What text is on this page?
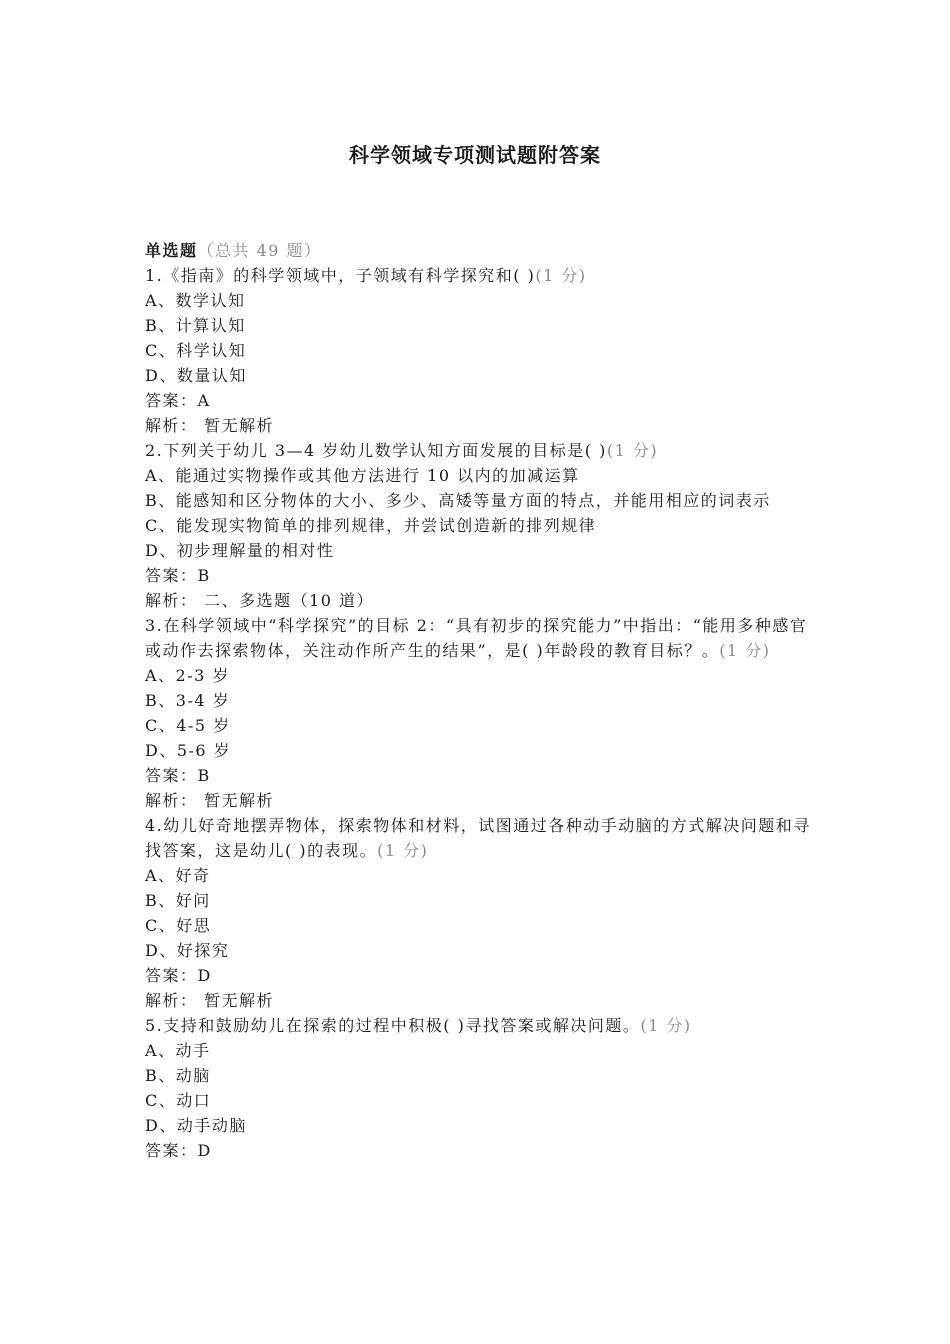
科学领域专项测试题附答案
单选题（总共 49 题）
1.《指南》的科学领域中，子领域有科学探究和( )(1 分)
A、数学认知
B、计算认知
C、科学认知
D、数量认知
答案：A
解析： 暂无解析
2.下列关于幼儿 3—4 岁幼儿数学认知方面发展的目标是( )(1 分)
A、能通过实物操作或其他方法进行 10 以内的加减运算
B、能感知和区分物体的大小、多少、高矮等量方面的特点，并能用相应的词表示
C、能发现实物简单的排列规律，并尝试创造新的排列规律
D、初步理解量的相对性
答案：B
解析： 二、多选题（10 道）
3.在科学领域中“科学探究”的目标 2：“具有初步的探究能力”中指出：“能用多种感官或动作去探索物体，关注动作所产生的结果”，是( )年龄段的教育目标？。(1 分)
A、2-3 岁
B、3-4 岁
C、4-5 岁
D、5-6 岁
答案：B
解析： 暂无解析
4.幼儿好奇地摆弄物体，探索物体和材料，试图通过各种动手动脑的方式解决问题和寻找答案，这是幼儿( )的表现。(1 分)
A、好奇
B、好问
C、好思
D、好探究
答案：D
解析： 暂无解析
5.支持和鼓励幼儿在探索的过程中积极( )寻找答案或解决问题。(1 分)
A、动手
B、动脑
C、动口
D、动手动脑
答案：D
